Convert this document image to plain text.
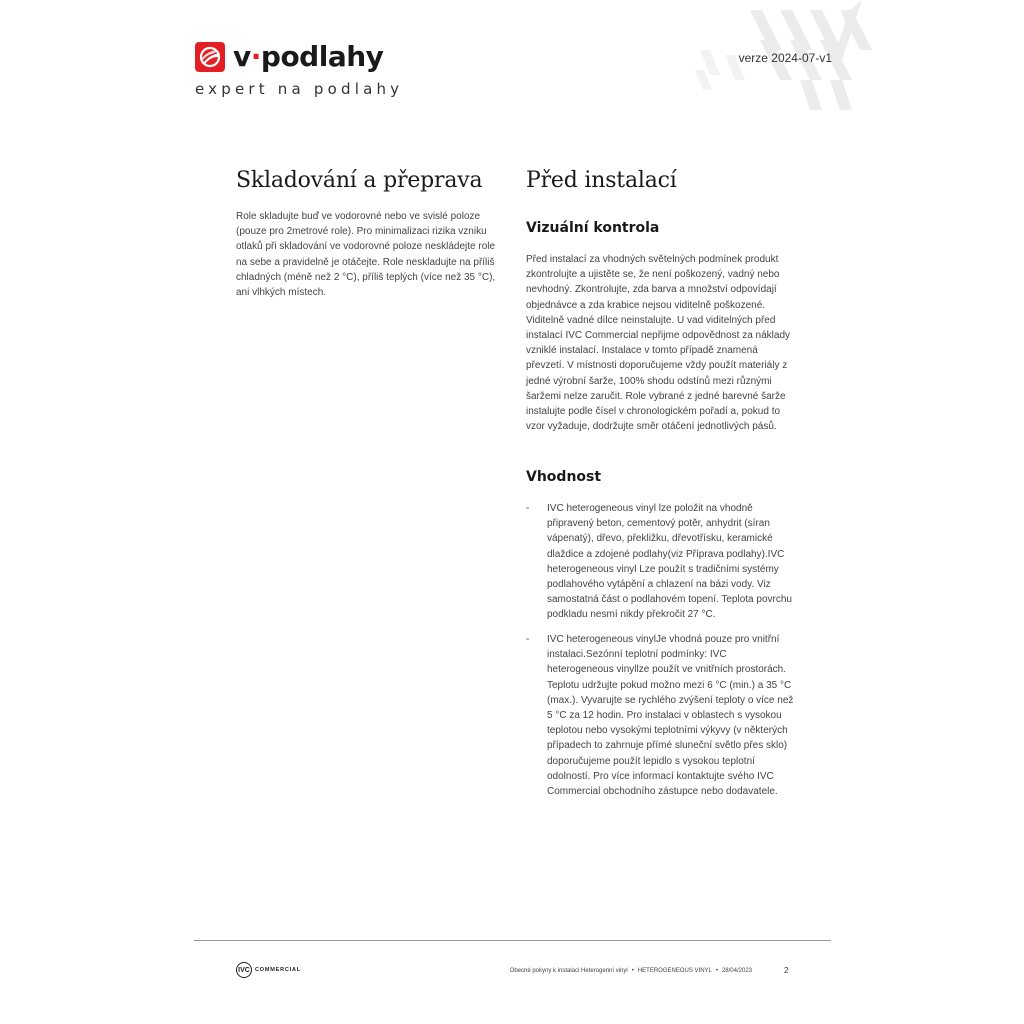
v·podlahy
expert na podlahy
verze 2024-07-v1
Skladování a přeprava

Role skladujte buď ve vodorovné nebo ve svislé poloze (pouze pro 2metrové role). Pro minimalizaci rizika vzniku otlaků při skladování ve vodorovné poloze neskládejte role na sebe a pravidelně je otáčejte. Role neskladujte na příliš chladných (méně než 2 °C), příliš teplých (více než 35 °C), ani vlhkých místech.

Před instalací
Vizuální kontrola

Před instalací za vhodných světelných podmínek produkt zkontrolujte a ujistěte se, že není poškozený, vadný nebo nevhodný. Zkontrolujte, zda barva a množství odpovídají objednávce a zda krabice nejsou viditelně poškozené. Viditelně vadné dílce neinstalujte. U vad viditelných před instalací IVC Commercial nepřijme odpovědnost za náklady vzniklé instalací. Instalace v tomto případě znamená převzetí. V místnosti doporučujeme vždy použít materiály z jedné výrobní šarže, 100% shodu odstínů mezi různými šaržemi nelze zaručit. Role vybrané z jedné barevné šarže instalujte podle čísel v chronologickém pořadí a, pokud to vzor vyžaduje, dodržujte směr otáčení jednotlivých pásů.

Vhodnost
- IVC heterogeneous vinyl lze položit na vhodně připravený beton, cementový potěr, anhydrit (síran vápenatý), dřevo, překližku, dřevotřísku, keramické dlaždice a zdojené podlahy(viz Příprava podlahy).IVC heterogeneous vinyl Lze použít s tradičními systémy podlahového vytápění a chlazení na bázi vody. Viz samostatná část o podlahovém topení. Teplota povrchu podkladu nesmí nikdy překročit 27 °C.

- IVC heterogeneous vinylJe vhodná pouze pro vnitřní instalaci.Sezónní teplotní podmínky: IVC heterogeneous vinyllze použít ve vnitřních prostorách. Teplotu udržujte pokud možno mezi 6 °C (min.) a 35 °C (max.). Vyvarujte se rychlého zvýšení teploty o více než 5 °C za 12 hodin. Pro instalaci v oblastech s vysokou teplotou nebo vysokými teplotními výkyvy (v některých případech to zahrnuje přímé sluneční světlo přes sklo) doporučujeme použít lepidlo s vysokou teplotní odolností. Pro více informací kontaktujte svého IVC Commercial obchodního zástupce nebo dodavatele.

IVC COMMERCIAL	Obecné pokyny k instalaci Heterogenní vinyl • HETEROGENEOUS VINYL • 28/04/2023	2
